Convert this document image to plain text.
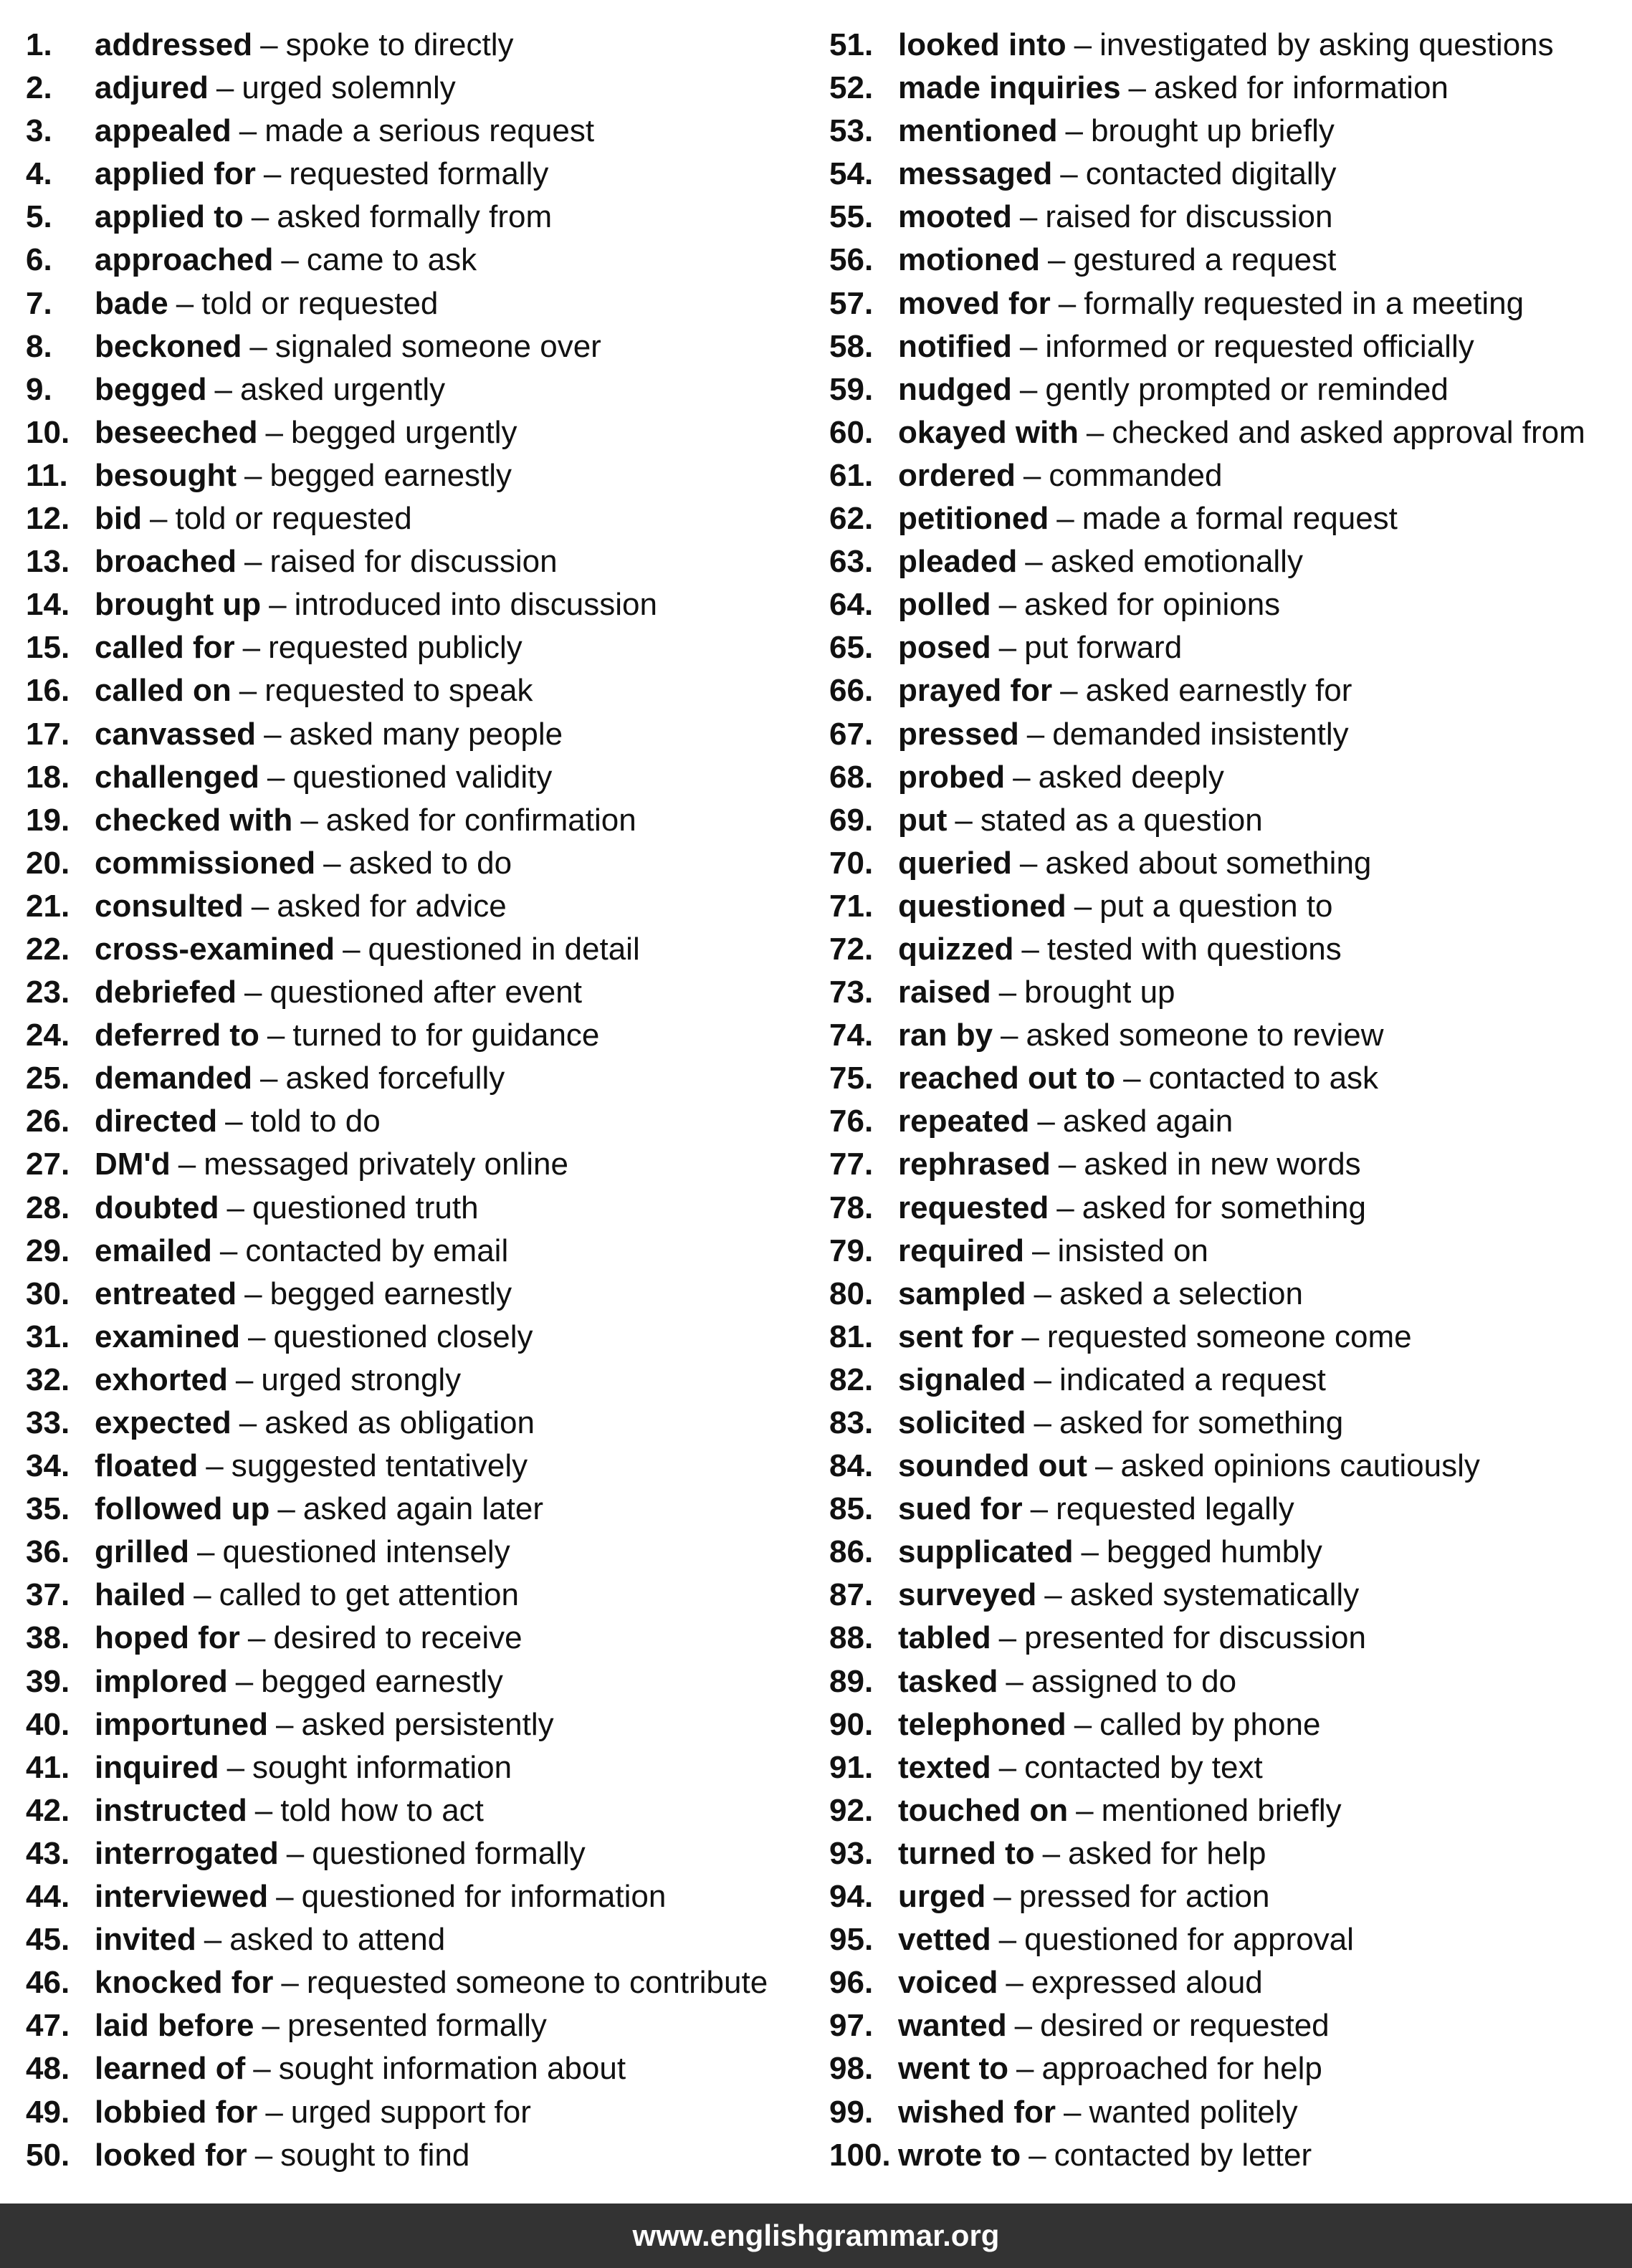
1.	addressed – spoke to directly
2.	adjured – urged solemnly
3.	appealed – made a serious request
4.	applied for – requested formally
5.	applied to – asked formally from
6.	approached – came to ask
7.	bade – told or requested
8.	beckoned – signaled someone over
9.	begged – asked urgently
10. beseeched – begged urgently
11. besought – begged earnestly
12. bid – told or requested
13. broached – raised for discussion
14. brought up – introduced into discussion
15. called for – requested publicly
16. called on – requested to speak
17. canvassed – asked many people
18. challenged – questioned validity
19. checked with – asked for confirmation
20. commissioned – asked to do
21. consulted – asked for advice
22. cross-examined – questioned in detail
23. debriefed – questioned after event
24. deferred to – turned to for guidance
25. demanded – asked forcefully
26. directed – told to do
27. DM'd – messaged privately online
28. doubted – questioned truth
29. emailed – contacted by email
30. entreated – begged earnestly
31. examined – questioned closely
32. exhorted – urged strongly
33. expected – asked as obligation
34. floated – suggested tentatively
35. followed up – asked again later
36. grilled – questioned intensely
37. hailed – called to get attention
38. hoped for – desired to receive
39. implored – begged earnestly
40. importuned – asked persistently
41. inquired – sought information
42. instructed – told how to act
43. interrogated – questioned formally
44. interviewed – questioned for information
45. invited – asked to attend
46. knocked for – requested someone to contribute
47. laid before – presented formally
48. learned of – sought information about
49. lobbied for – urged support for
50. looked for – sought to find
51. looked into – investigated by asking questions
52. made inquiries – asked for information
53. mentioned – brought up briefly
54. messaged – contacted digitally
55. mooted – raised for discussion
56. motioned – gestured a request
57. moved for – formally requested in a meeting
58. notified – informed or requested officially
59. nudged – gently prompted or reminded
60. okayed with – checked and asked approval from
61. ordered – commanded
62. petitioned – made a formal request
63. pleaded – asked emotionally
64. polled – asked for opinions
65. posed – put forward
66. prayed for – asked earnestly for
67. pressed – demanded insistently
68. probed – asked deeply
69. put – stated as a question
70. queried – asked about something
71. questioned – put a question to
72. quizzed – tested with questions
73. raised – brought up
74. ran by – asked someone to review
75. reached out to – contacted to ask
76. repeated – asked again
77. rephrased – asked in new words
78. requested – asked for something
79. required – insisted on
80. sampled – asked a selection
81. sent for – requested someone come
82. signaled – indicated a request
83. solicited – asked for something
84. sounded out – asked opinions cautiously
85. sued for – requested legally
86. supplicated – begged humbly
87. surveyed – asked systematically
88. tabled – presented for discussion
89. tasked – assigned to do
90. telephoned – called by phone
91. texted – contacted by text
92. touched on – mentioned briefly
93. turned to – asked for help
94. urged – pressed for action
95. vetted – questioned for approval
96. voiced – expressed aloud
97. wanted – desired or requested
98. went to – approached for help
99. wished for – wanted politely
100. wrote to – contacted by letter
www.englishgrammar.org
